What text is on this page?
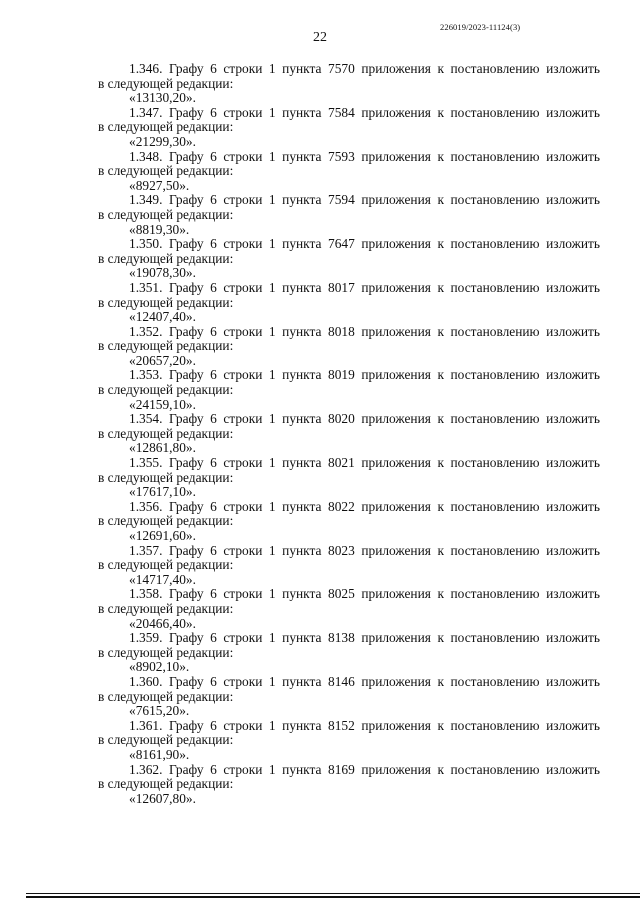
22
226019/2023-11124(3)
1.346. Графу 6 строки 1 пункта 7570 приложения к постановлению изложить
в следующей редакции:
«13130,20».
1.347. Графу 6 строки 1 пункта 7584 приложения к постановлению изложить
в следующей редакции:
«21299,30».
1.348. Графу 6 строки 1 пункта 7593 приложения к постановлению изложить
в следующей редакции:
«8927,50».
1.349. Графу 6 строки 1 пункта 7594 приложения к постановлению изложить
в следующей редакции:
«8819,30».
1.350. Графу 6 строки 1 пункта 7647 приложения к постановлению изложить
в следующей редакции:
«19078,30».
1.351. Графу 6 строки 1 пункта 8017 приложения к постановлению изложить
в следующей редакции:
«12407,40».
1.352. Графу 6 строки 1 пункта 8018 приложения к постановлению изложить
в следующей редакции:
«20657,20».
1.353. Графу 6 строки 1 пункта 8019 приложения к постановлению изложить
в следующей редакции:
«24159,10».
1.354. Графу 6 строки 1 пункта 8020 приложения к постановлению изложить
в следующей редакции:
«12861,80».
1.355. Графу 6 строки 1 пункта 8021 приложения к постановлению изложить
в следующей редакции:
«17617,10».
1.356. Графу 6 строки 1 пункта 8022 приложения к постановлению изложить
в следующей редакции:
«12691,60».
1.357. Графу 6 строки 1 пункта 8023 приложения к постановлению изложить
в следующей редакции:
«14717,40».
1.358. Графу 6 строки 1 пункта 8025 приложения к постановлению изложить
в следующей редакции:
«20466,40».
1.359. Графу 6 строки 1 пункта 8138 приложения к постановлению изложить
в следующей редакции:
«8902,10».
1.360. Графу 6 строки 1 пункта 8146 приложения к постановлению изложить
в следующей редакции:
«7615,20».
1.361. Графу 6 строки 1 пункта 8152 приложения к постановлению изложить
в следующей редакции:
«8161,90».
1.362. Графу 6 строки 1 пункта 8169 приложения к постановлению изложить
в следующей редакции:
«12607,80».
